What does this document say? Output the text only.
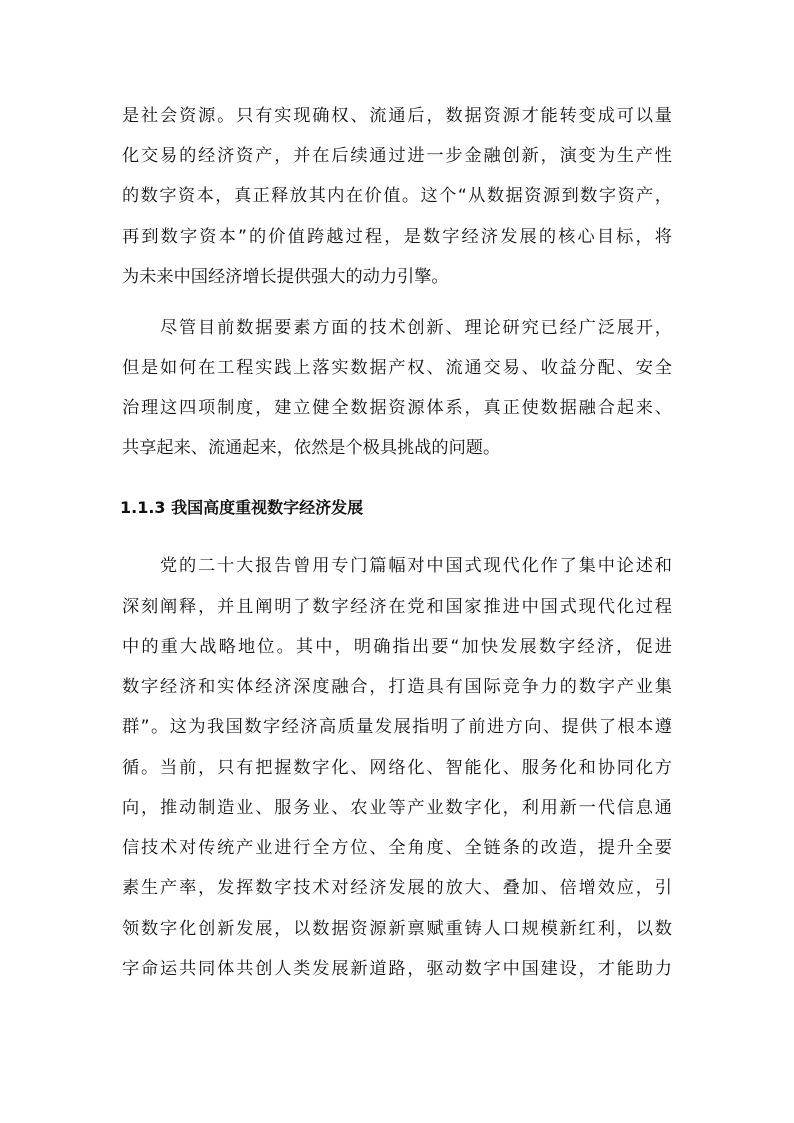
是社会资源。只有实现确权、流通后，数据资源才能转变成可以量
化交易的经济资产，并在后续通过进一步金融创新，演变为生产性
的数字资本，真正释放其内在价值。这个“从数据资源到数字资产，
再到数字资本”的价值跨越过程，是数字经济发展的核心目标，将
为未来中国经济增长提供强大的动力引擎。
尽管目前数据要素方面的技术创新、理论研究已经广泛展开，
但是如何在工程实践上落实数据产权、流通交易、收益分配、安全
治理这四项制度，建立健全数据资源体系，真正使数据融合起来、
共享起来、流通起来，依然是个极具挑战的问题。
1.1.3 我国高度重视数字经济发展
党的二十大报告曾用专门篇幅对中国式现代化作了集中论述和
深刻阐释，并且阐明了数字经济在党和国家推进中国式现代化过程
中的重大战略地位。其中，明确指出要“加快发展数字经济，促进
数字经济和实体经济深度融合，打造具有国际竞争力的数字产业集
群”。这为我国数字经济高质量发展指明了前进方向、提供了根本遵
循。当前，只有把握数字化、网络化、智能化、服务化和协同化方
向，推动制造业、服务业、农业等产业数字化，利用新一代信息通
信技术对传统产业进行全方位、全角度、全链条的改造，提升全要
素生产率，发挥数字技术对经济发展的放大、叠加、倍增效应，引
领数字化创新发展，以数据资源新禀赋重铸人口规模新红利，以数
字命运共同体共创人类发展新道路，驱动数字中国建设，才能助力
